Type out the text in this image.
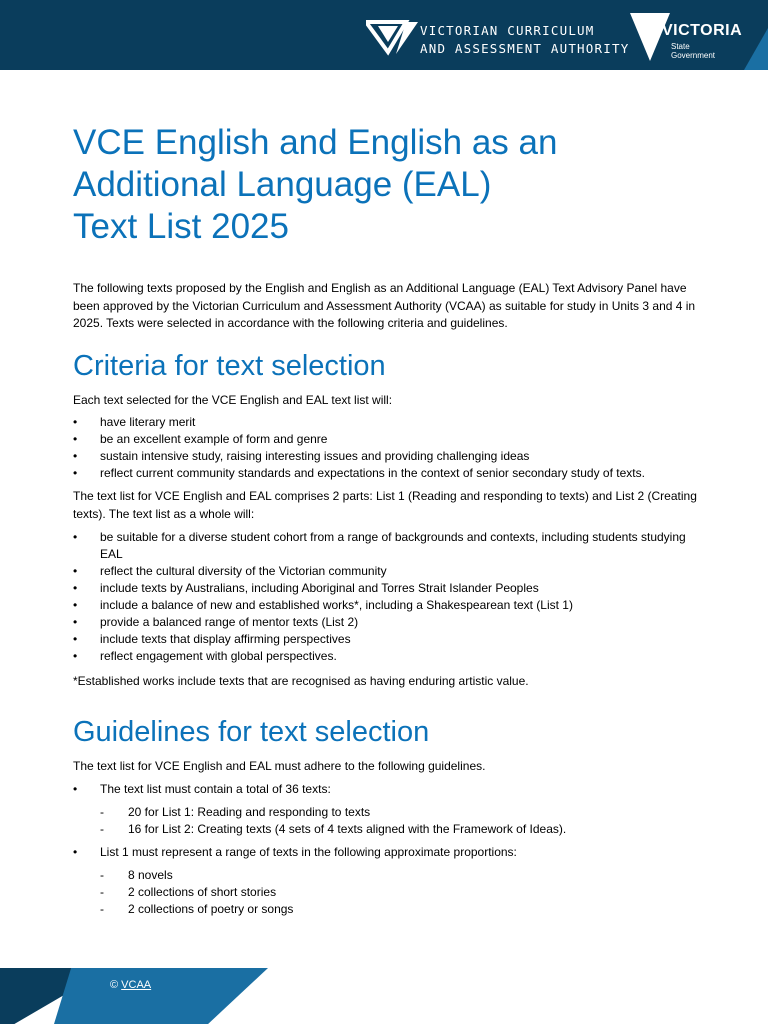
VICTORIAN CURRICULUM
AND ASSESSMENT AUTHORITY
VICTORIA
State
Government
VCE English and English as an
Additional Language (EAL)
Text List 2025

The following texts proposed by the English and English as an Additional Language (EAL) Text Advisory Panel have been approved by the Victorian Curriculum and Assessment Authority (VCAA) as suitable for study in Units 3 and 4 in 2025. Texts were selected in accordance with the following criteria and guidelines.

Criteria for text selection

Each text selected for the VCE English and EAL text list will:

• have literary merit
• be an excellent example of form and genre
• sustain intensive study, raising interesting issues and providing challenging ideas
• reflect current community standards and expectations in the context of senior secondary study of texts.

The text list for VCE English and EAL comprises 2 parts: List 1 (Reading and responding to texts) and List 2 (Creating texts). The text list as a whole will:

• be suitable for a diverse student cohort from a range of backgrounds and contexts, including students studying EAL
• reflect the cultural diversity of the Victorian community
• include texts by Australians, including Aboriginal and Torres Strait Islander Peoples
• include a balance of new and established works*, including a Shakespearean text (List 1)
• provide a balanced range of mentor texts (List 2)
• include texts that display affirming perspectives
• reflect engagement with global perspectives.

*Established works include texts that are recognised as having enduring artistic value.

Guidelines for text selection

The text list for VCE English and EAL must adhere to the following guidelines.

• The text list must contain a total of 36 texts:
- 20 for List 1: Reading and responding to texts
- 16 for List 2: Creating texts (4 sets of 4 texts aligned with the Framework of Ideas).
• List 1 must represent a range of texts in the following approximate proportions:
- 8 novels
- 2 collections of short stories
- 2 collections of poetry or songs
© VCAA
